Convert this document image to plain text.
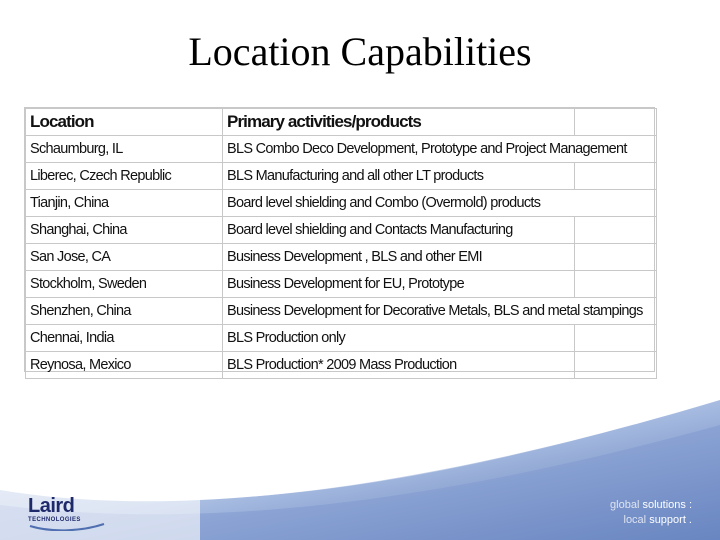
Location Capabilities
Location	Primary activities/products	
Schaumburg, IL	BLS Combo Deco Development, Prototype and Project Management	
Liberec, Czech Republic	BLS Manufacturing and all other LT products	
Tianjin, China	Board level shielding and Combo (Overmold) products	
Shanghai, China	Board level shielding and Contacts Manufacturing	
San Jose, CA	Business Development , BLS and other EMI	
Stockholm, Sweden	Business Development for EU, Prototype	
Shenzhen, China	Business Development for Decorative Metals, BLS and metal stampings	
Chennai, India	BLS Production only	
Reynosa, Mexico	BLS Production* 2009 Mass Production	
Laird
TECHNOLOGIES
global solutions :
local support .
